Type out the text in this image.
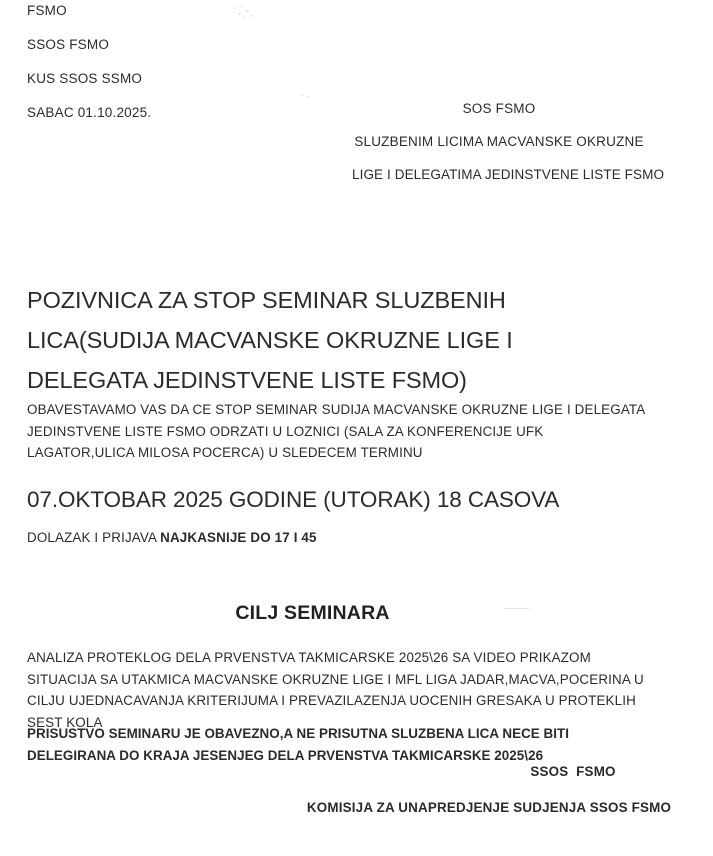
FSMO
SSOS FSMO
KUS SSOS SSMO
SABAC 01.10.2025.	SOS FSMO
SLUZBENIM LICIMA MACVANSKE OKRUZNE
LIGE I DELEGATIMA JEDINSTVENE LISTE FSMO
POZIVNICA ZA STOP SEMINAR SLUZBENIH LICA(SUDIJA MACVANSKE OKRUZNE LIGE I DELEGATA JEDINSTVENE LISTE FSMO)

OBAVESTAVAMO VAS DA CE STOP SEMINAR SUDIJA MACVANSKE OKRUZNE LIGE I DELEGATA JEDINSTVENE LISTE FSMO ODRZATI U LOZNICI (SALA ZA KONFERENCIJE UFK LAGATOR,ULICA MILOSA POCERCA) U SLEDECEM TERMINU

07.OKTOBAR 2025 GODINE (UTORAK) 18 CASOVA

DOLAZAK I PRIJAVA NAJKASNIJE DO 17 I 45

CILJ SEMINARA

ANALIZA PROTEKLOG DELA PRVENSTVA TAKMICARSKE 2025\26 SA VIDEO PRIKAZOM SITUACIJA SA UTAKMICA MACVANSKE OKRUZNE LIGE I MFL LIGA JADAR,MACVA,POCERINA U CILJU UJEDNACAVANJA KRITERIJUMA I PREVAZILAZENJA UOCENIH GRESAKA U PROTEKLIH SEST KOLA

PRISUSTVO SEMINARU JE OBAVEZNO,A NE PRISUTNA SLUZBENA LICA NECE BITI DELEGIRANA DO KRAJA JESENJEG DELA PRVENSTVA TAKMICARSKE 2025\26

SSOS  FSMO
KOMISIJA ZA UNAPREDJENJE SUDJENJA SSOS FSMO
